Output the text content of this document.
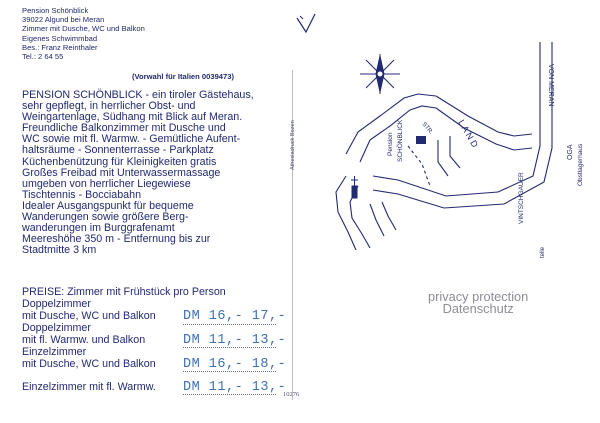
Pension Schönblick
39022 Algund bei Meran
Zimmer mit Dusche, WC und Balkon
Eigenes Schwimmbad
Bes.: Franz Reinthaler
Tel.: 2 64 55
(Vorwahl für Italien 0039473)
PENSION SCHÖNBLICK - ein tiroler Gästehaus,
sehr gepflegt, in herrlicher Obst- und
Weingartenlage, Südhang mit Blick auf Meran.
Freundliche Balkonzimmer mit Dusche und
WC sowie mit fl. Warmw. - Gemütliche Aufent-
haltsräume - Sonnenterrasse - Parkplatz
Küchenbenützung für Kleinigkeiten gratis
Großes Freibad mit Unterwassermassage
umgeben von herrlicher Liegewiese
Tischtennis - Bocciabahn
Idealer Ausgangspunkt für bequeme
Wanderungen sowie größere Berg-
wanderungen im Burggrafenamt
Meereshöhe 350 m - Entfernung bis zur
Stadtmitte 3 km
PREISE: Zimmer mit Frühstück pro Person
Doppelzimmer
mit Dusche, WC und Balkon DM 16,- 17,-
Doppelzimmer
mit fl. Warmw. und Balkon	DM 11,- 13,-
Einzelzimmer
mit Dusche, WC und Balkon DM 16,- 18,-
Einzelzimmer mit fl. Warmw. DM 11,- 13,-
10276
Athesiadruck Bozen	Pension SCHÖNBLICK	STR. L A N D
VON MERAN
VINTSCHGAUER
telle
OGA Obstlagerhaus
privacy protection
Datenschutz
